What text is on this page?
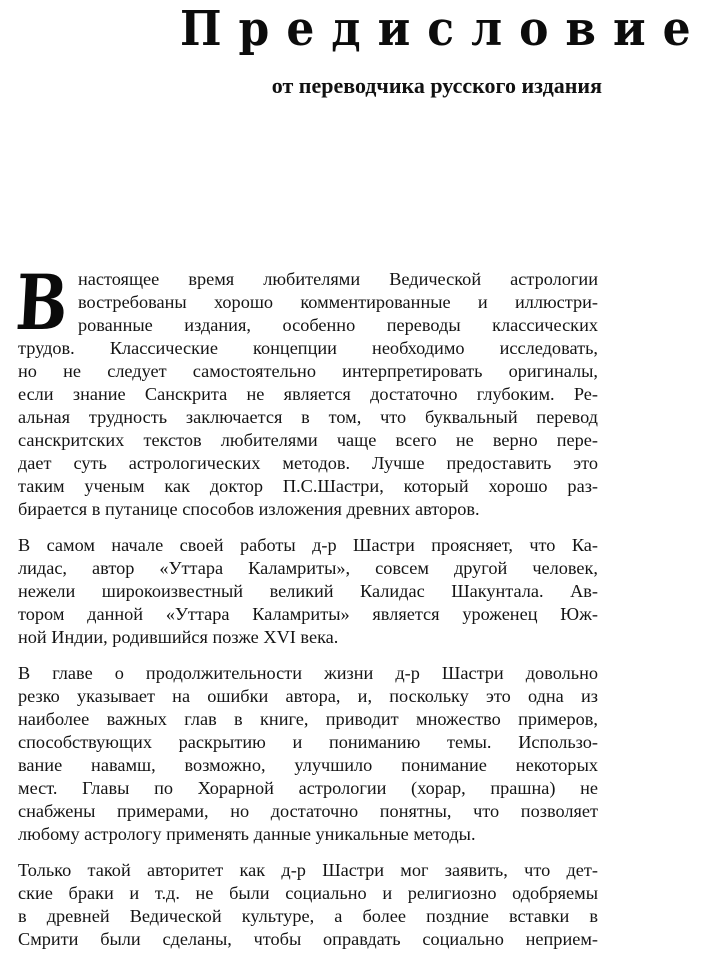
Предисловие
от переводчика русского издания

В настоящее время любителями Ведической астрологии
востребованы хорошо комментированные и иллюстри-
рованные издания, особенно переводы классических
трудов. Классические концепции необходимо исследовать,
но не следует самостоятельно интерпретировать оригиналы,
если знание Санскрита не является достаточно глубоким. Ре-
альная трудность заключается в том, что буквальный перевод
санскритских текстов любителями чаще всего не верно пере-
дает суть астрологических методов. Лучше предоставить это
таким ученым как доктор П.С.Шастри, который хорошо раз-
бирается в путанице способов изложения древних авторов.

В самом начале своей работы д-р Шастри проясняет, что Ка-
лидас, автор «Уттара Каламриты», совсем другой человек,
нежели широкоизвестный великий Калидас Шакунтала. Ав-
тором данной «Уттара Каламриты» является уроженец Юж-
ной Индии, родившийся позже XVI века.

В главе о продолжительности жизни д-р Шастри довольно
резко указывает на ошибки автора, и, поскольку это одна из
наиболее важных глав в книге, приводит множество примеров,
способствующих раскрытию и пониманию темы. Использо-
вание навамш, возможно, улучшило понимание некоторых
мест. Главы по Хорарной астрологии (хорар, прашна) не
снабжены примерами, но достаточно понятны, что позволяет
любому астрологу применять данные уникальные методы.

Только такой авторитет как д-р Шастри мог заявить, что дет-
ские браки и т.д. не были социально и религиозно одобряемы
в древней Ведической культуре, а более поздние вставки в
Смрити были сделаны, чтобы оправдать социально неприем-
